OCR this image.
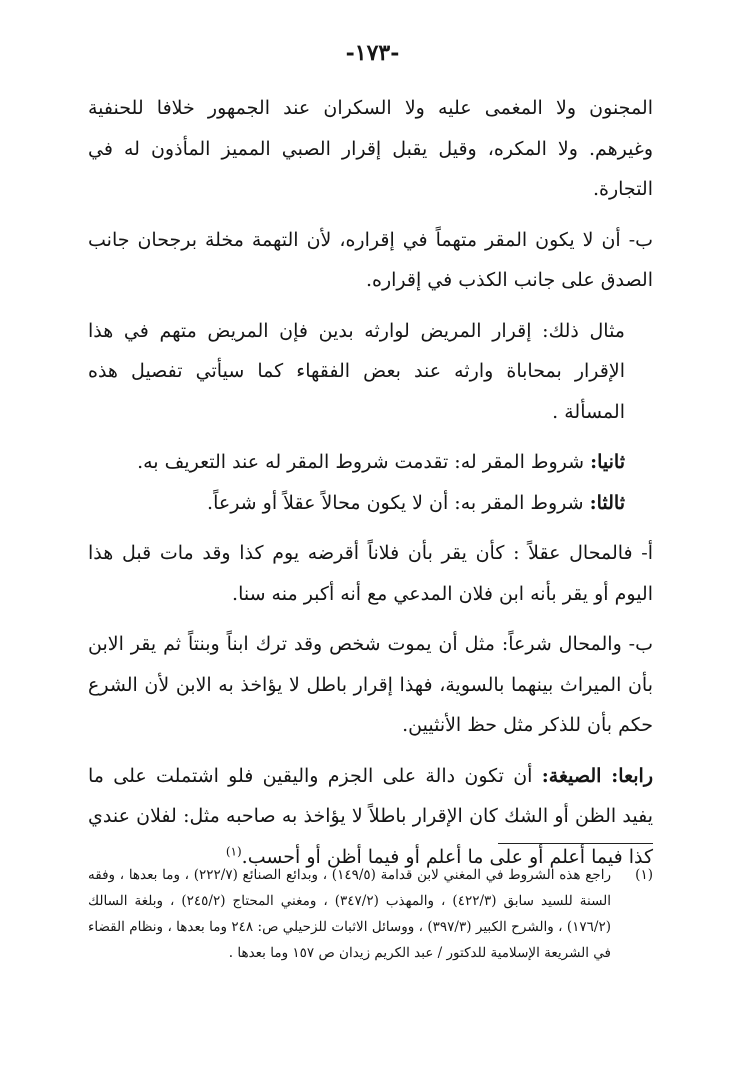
-١٧٣-

المجنون ولا المغمى عليه ولا السكران عند الجمهور خلافا للحنفية وغيرهم. ولا المكره، وقيل يقبل إقرار الصبي المميز المأذون له في التجارة.

ب- أن لا يكون المقر متهماً في إقراره، لأن التهمة مخلة برجحان جانب الصدق على جانب الكذب في إقراره.

مثال ذلك: إقرار المريض لوارثه بدين فإن المريض متهم في هذا الإقرار بمحاباة وارثه عند بعض الفقهاء كما سيأتي تفصيل هذه المسألة .

ثانيا: شروط المقر له: تقدمت شروط المقر له عند التعريف به.

ثالثا: شروط المقر به: أن لا يكون محالاً عقلاً أو شرعاً.

أ- فالمحال عقلاً : كأن يقر بأن فلاناً أقرضه يوم كذا وقد مات قبل هذا اليوم أو يقر بأنه ابن فلان المدعي مع أنه أكبر منه سنا.

ب- والمحال شرعاً: مثل أن يموت شخص وقد ترك ابناً وبنتاً ثم يقر الابن بأن الميراث بينهما بالسوية، فهذا إقرار باطل لا يؤاخذ به الابن لأن الشرع حكم بأن للذكر مثل حظ الأنثيين.

رابعا: الصيغة: أن تكون دالة على الجزم واليقين فلو اشتملت على ما يفيد الظن أو الشك كان الإقرار باطلاً لا يؤاخذ به صاحبه مثل: لفلان عندي كذا فيما أعلم أو على ما أعلم أو فيما أظن أو أحسب.$^{(١)}$

(١)
راجع هذه الشروط في المغني لابن قدامة (١٤٩/٥) ، وبدائع الصنائع (٢٢٢/٧) ، وما بعدها ، وفقه السنة للسيد سابق (٤٢٢/٣) ، والمهذب (٣٤٧/٢) ، ومغني المحتاج (٢٤٥/٢) ، وبلغة السالك (١٧٦/٢) ، والشرح الكبير (٣٩٧/٣) ، ووسائل الاثبات للزحيلي ص: ٢٤٨ وما بعدها ، ونظام القضاء في الشريعة الإسلامية للدكتور / عبد الكريم زيدان ص ١٥٧ وما بعدها .
